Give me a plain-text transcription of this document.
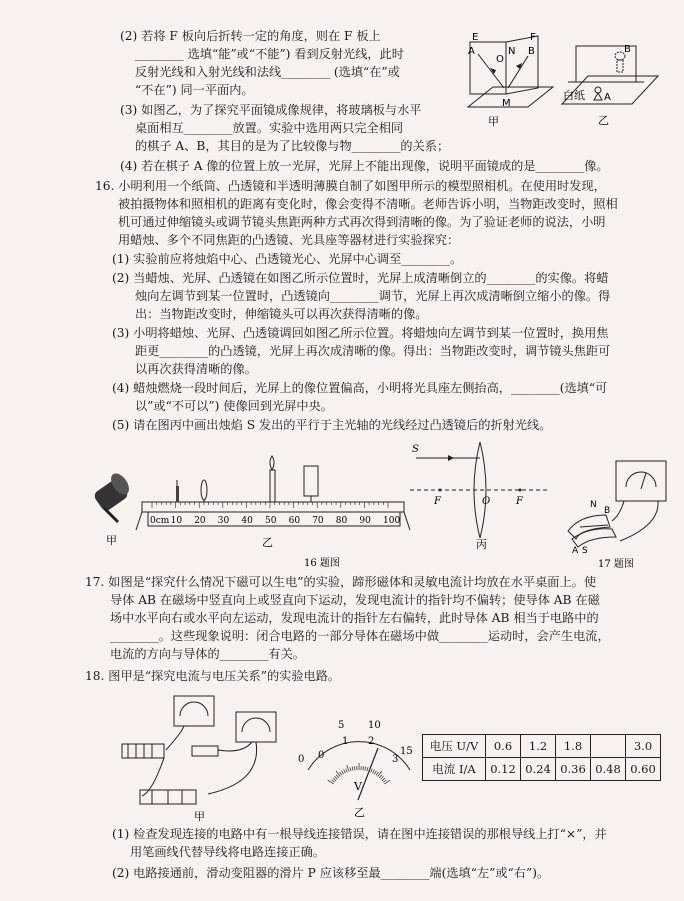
(2) 若将 F 板向后折转一定的角度，则在 F 板上
________ 选填“能”或“不能”) 看到反射光线，此时
反射光线和入射光线和法线________ (选填“在”或
“不在”) 同一平面内。
(3) 如图乙，为了探究平面镜成像规律，将玻璃板与水平
桌面相互________放置。实验中选用两只完全相同
的棋子 A、B，其目的是为了比较像与物________的关系；
(4) 若在棋子 A 像的位置上放一光屏，光屏上不能出现像，说明平面镜成的是________像。
16. 小明利用一个纸筒、凸透镜和半透明薄膜自制了如图甲所示的模型照相机。在使用时发现，
被拍摄物体和照相机的距离有变化时，像会变得不清晰。老师告诉小明，当物距改变时，照相
机可通过伸缩镜头或调节镜头焦距两种方式再次得到清晰的像。为了验证老师的说法，小明
用蜡烛、多个不同焦距的凸透镜、光具座等器材进行实验探究：
(1) 实验前应将烛焰中心、凸透镜光心、光屏中心调至________。
(2) 当蜡烛、光屏、凸透镜在如图乙所示位置时，光屏上成清晰倒立的________的实像。将蜡
烛向左调节到某一位置时，凸透镜向________调节，光屏上再次成清晰倒立缩小的像。得
出：当物距改变时，伸缩镜头可以再次获得清晰的像。
(3) 小明将蜡烛、光屏、凸透镜调回如图乙所示位置。将蜡烛向左调节到某一位置时，换用焦
距更________的凸透镜，光屏上再次成清晰的像。得出：当物距改变时，调节镜头焦距可
以再次获得清晰的像。
(4) 蜡烛燃烧一段时间后，光屏上的像位置偏高，小明将光具座左侧抬高，________(选填“可
以”或“不可以”) 使像回到光屏中央。
(5) 请在图丙中画出烛焰 S 发出的平行于主光轴的光线经过凸透镜后的折射光线。
17. 如图是“探究什么情况下磁可以生电”的实验，蹄形磁体和灵敏电流计均放在水平桌面上。使
导体 AB 在磁场中竖直向上或竖直向下运动，发现电流计的指针均不偏转；使导体 AB 在磁
场中水平向右或水平向左运动，发现电流计的指针左右偏转，此时导体 AB 相当于电路中的
________。这些现象说明：闭合电路的一部分导体在磁场中做________运动时，会产生电流，
电流的方向与导体的________有关。
18. 图甲是“探究电流与电压关系”的实验电路。
(1) 检查发现连接的电路中有一根导线连接错误，请在图中连接错误的那根导线上打“×”，并
用笔画线代替导线将电路连接正确。
(2) 电路接通前，滑动变阻器的滑片 P 应该移至最________端(选填“左”或“右”)。
E
N
F
A	B
O
M
甲
B
白纸 A
乙
甲
0cm 10 20 30 40 50 60 70 80 90 100
乙
16 题图
S
F	O	F
丙
N
B
A S
17 题图
甲
5 10
15
0 0
1 2
3
V
乙
电压 U/V	0.6	1.2	1.8		3.0
电流 I/A	0.12	0.24	0.36	0.48	0.60
